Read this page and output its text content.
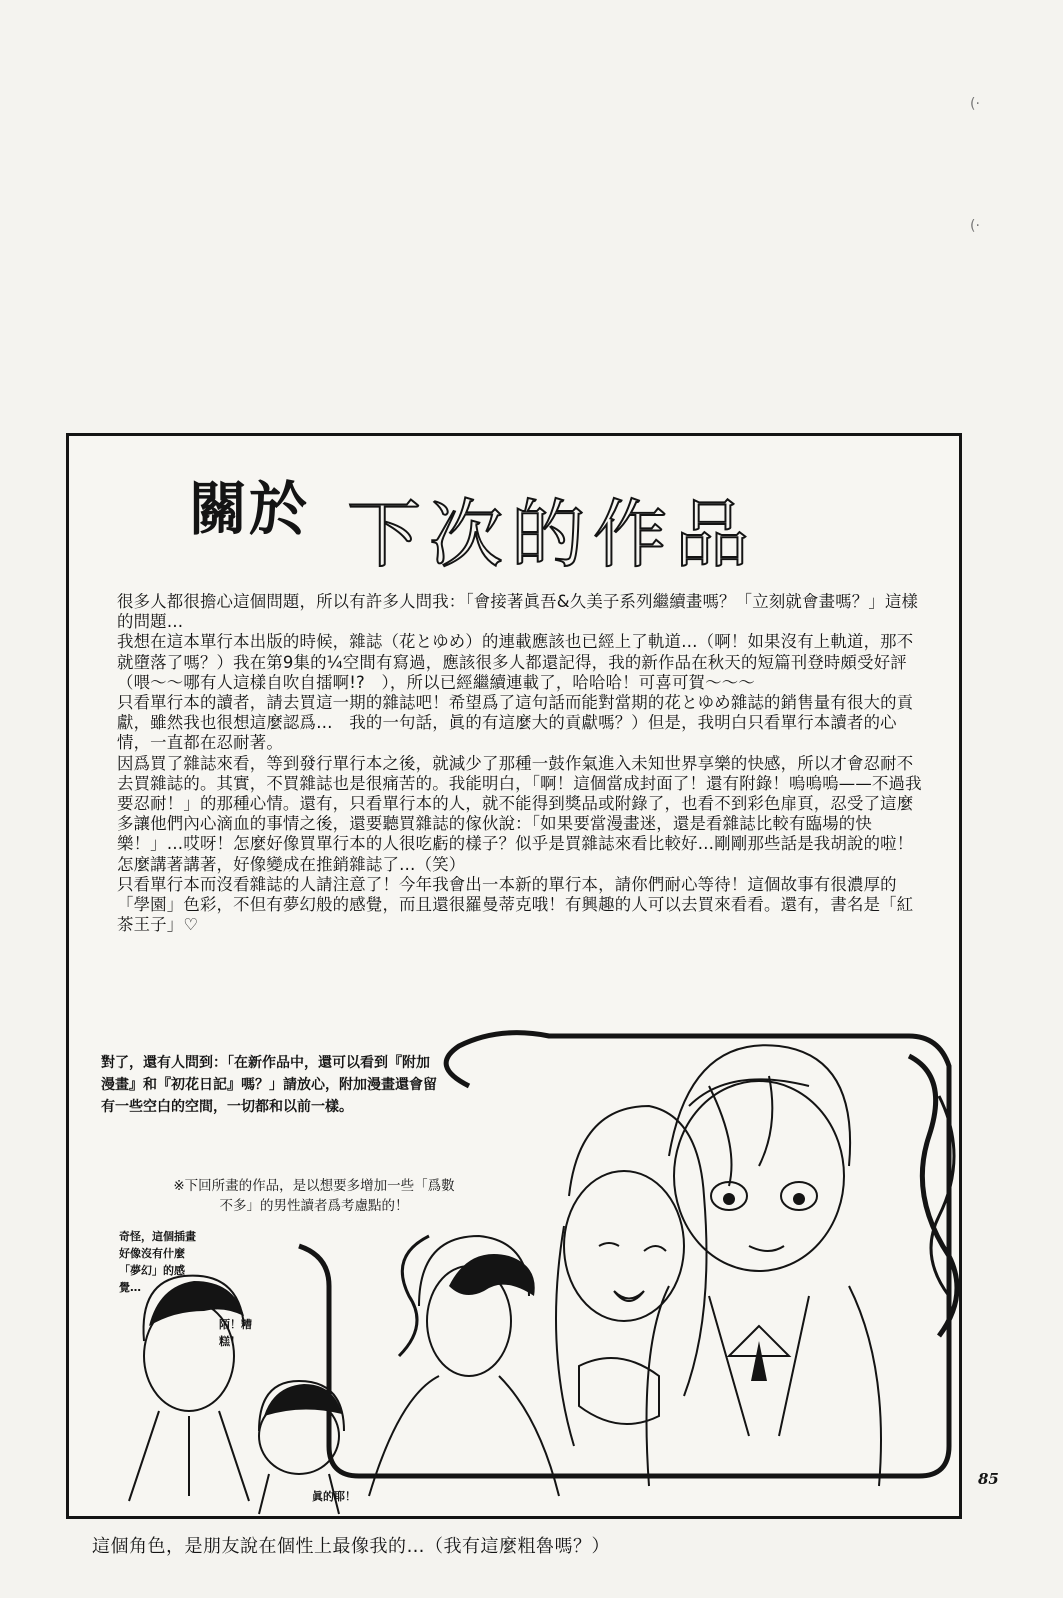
(·
(·
關於 下次的作品

很多人都很擔心這個問題，所以有許多人問我：「會接著眞吾&久美子系列繼續畫嗎？「立刻就會畫嗎？」這樣的問題…

我想在這本單行本出版的時候，雜誌（花とゆめ）的連載應該也已經上了軌道…（啊！如果沒有上軌道，那不就墮落了嗎？）我在第9集的¼空間有寫過，應該很多人都還記得，我的新作品在秋天的短篇刊登時頗受好評（喂〜〜哪有人這樣自吹自擂啊!?　），所以已經繼續連載了，哈哈哈！可喜可賀〜〜〜

只看單行本的讀者，請去買這一期的雜誌吧！希望爲了這句話而能對當期的花とゆめ雜誌的銷售量有很大的貢獻，雖然我也很想這麼認爲…　我的一句話，眞的有這麼大的貢獻嗎？）但是，我明白只看單行本讀者的心情，一直都在忍耐著。

因爲買了雜誌來看，等到發行單行本之後，就減少了那種一鼓作氣進入未知世界享樂的快感，所以才會忍耐不去買雜誌的。其實，不買雜誌也是很痛苦的。我能明白，「啊！這個當成封面了！還有附錄！嗚嗚嗚——不過我要忍耐！」的那種心情。還有，只看單行本的人，就不能得到獎品或附錄了，也看不到彩色扉頁，忍受了這麼多讓他們內心滴血的事情之後，還要聽買雜誌的傢伙說：「如果要當漫畫迷，還是看雜誌比較有臨場的快樂！」…哎呀！怎麼好像買單行本的人很吃虧的樣子？似乎是買雜誌來看比較好…剛剛那些話是我胡說的啦！怎麼講著講著，好像變成在推銷雜誌了…（笑）

只看單行本而沒看雜誌的人請注意了！今年我會出一本新的單行本，請你們耐心等待！這個故事有很濃厚的「學園」色彩，不但有夢幻般的感覺，而且還很羅曼蒂克哦！有興趣的人可以去買來看看。還有，書名是「紅茶王子」♡

對了，還有人問到：「在新作品中，還可以看到『附加漫畫』和『初花日記』嗎？」請放心，附加漫畫還會留有一些空白的空間，一切都和以前一樣。
※下回所畫的作品，是以想要多增加一些「爲數不多」的男性讀者爲考慮點的！
奇怪，這個插畫好像沒有什麼「夢幻」的感覺…
陌！糟糕！
眞的耶！
85
這個角色，是朋友說在個性上最像我的…（我有這麼粗魯嗎？）
